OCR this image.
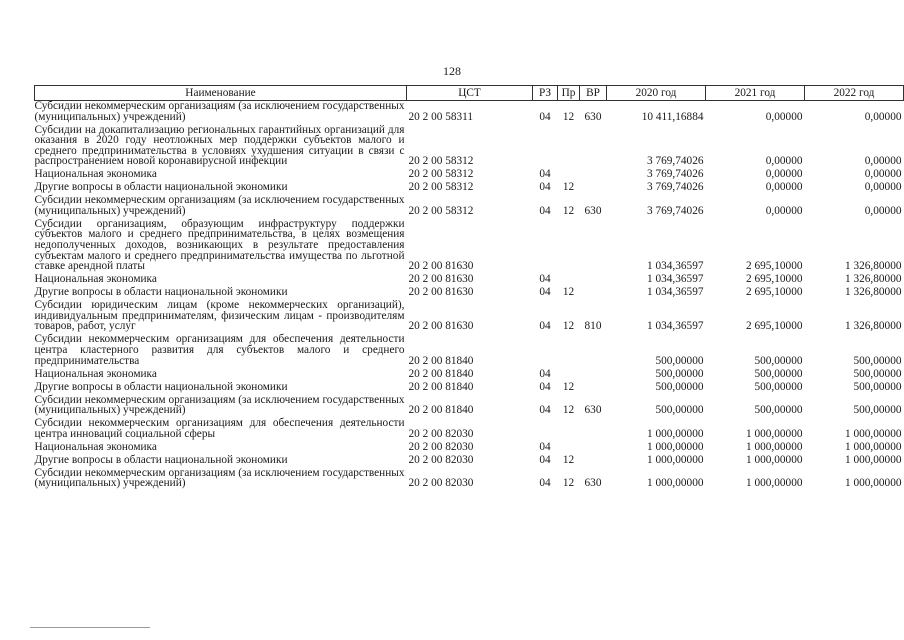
128
Наименование	ЦСТ	РЗ	Пр	ВР	2020 год	2021 год	2022 год
Субсидии некоммерческим организациям (за исключением государственных (муниципальных) учреждений)	20 2 00 58311	04	12	630	10 411,16884	0,00000	0,00000
Субсидии на докапитализацию региональных гарантийных организаций для оказания в 2020 году неотложных мер поддержки субъектов малого и среднего предпринимательства в условиях ухудшения ситуации в связи с распространением новой коронавирусной инфекции	20 2 00 58312				3 769,74026	0,00000	0,00000
Национальная экономика	20 2 00 58312	04			3 769,74026	0,00000	0,00000
Другие вопросы в области национальной экономики	20 2 00 58312	04	12		3 769,74026	0,00000	0,00000
Субсидии некоммерческим организациям (за исключением государственных (муниципальных) учреждений)	20 2 00 58312	04	12	630	3 769,74026	0,00000	0,00000
Субсидии организациям, образующим инфраструктуру поддержки субъектов малого и среднего предпринимательства, в целях возмещения недополученных доходов, возникающих в результате предоставления субъектам малого и среднего предпринимательства имущества по льготной ставке арендной платы	20 2 00 81630				1 034,36597	2 695,10000	1 326,80000
Национальная экономика	20 2 00 81630	04			1 034,36597	2 695,10000	1 326,80000
Другие вопросы в области национальной экономики	20 2 00 81630	04	12		1 034,36597	2 695,10000	1 326,80000
Субсидии юридическим лицам (кроме некоммерческих организаций), индивидуальным предпринимателям, физическим лицам - производителям товаров, работ, услуг	20 2 00 81630	04	12	810	1 034,36597	2 695,10000	1 326,80000
Субсидии некоммерческим организациям для обеспечения деятельности центра кластерного развития для субъектов малого и среднего предпринимательства	20 2 00 81840				500,00000	500,00000	500,00000
Национальная экономика	20 2 00 81840	04			500,00000	500,00000	500,00000
Другие вопросы в области национальной экономики	20 2 00 81840	04	12		500,00000	500,00000	500,00000
Субсидии некоммерческим организациям (за исключением государственных (муниципальных) учреждений)	20 2 00 81840	04	12	630	500,00000	500,00000	500,00000
Субсидии некоммерческим организациям для обеспечения деятельности центра инноваций социальной сферы	20 2 00 82030				1 000,00000	1 000,00000	1 000,00000
Национальная экономика	20 2 00 82030	04			1 000,00000	1 000,00000	1 000,00000
Другие вопросы в области национальной экономики	20 2 00 82030	04	12		1 000,00000	1 000,00000	1 000,00000
Субсидии некоммерческим организациям (за исключением государственных (муниципальных) учреждений)	20 2 00 82030	04	12	630	1 000,00000	1 000,00000	1 000,00000
